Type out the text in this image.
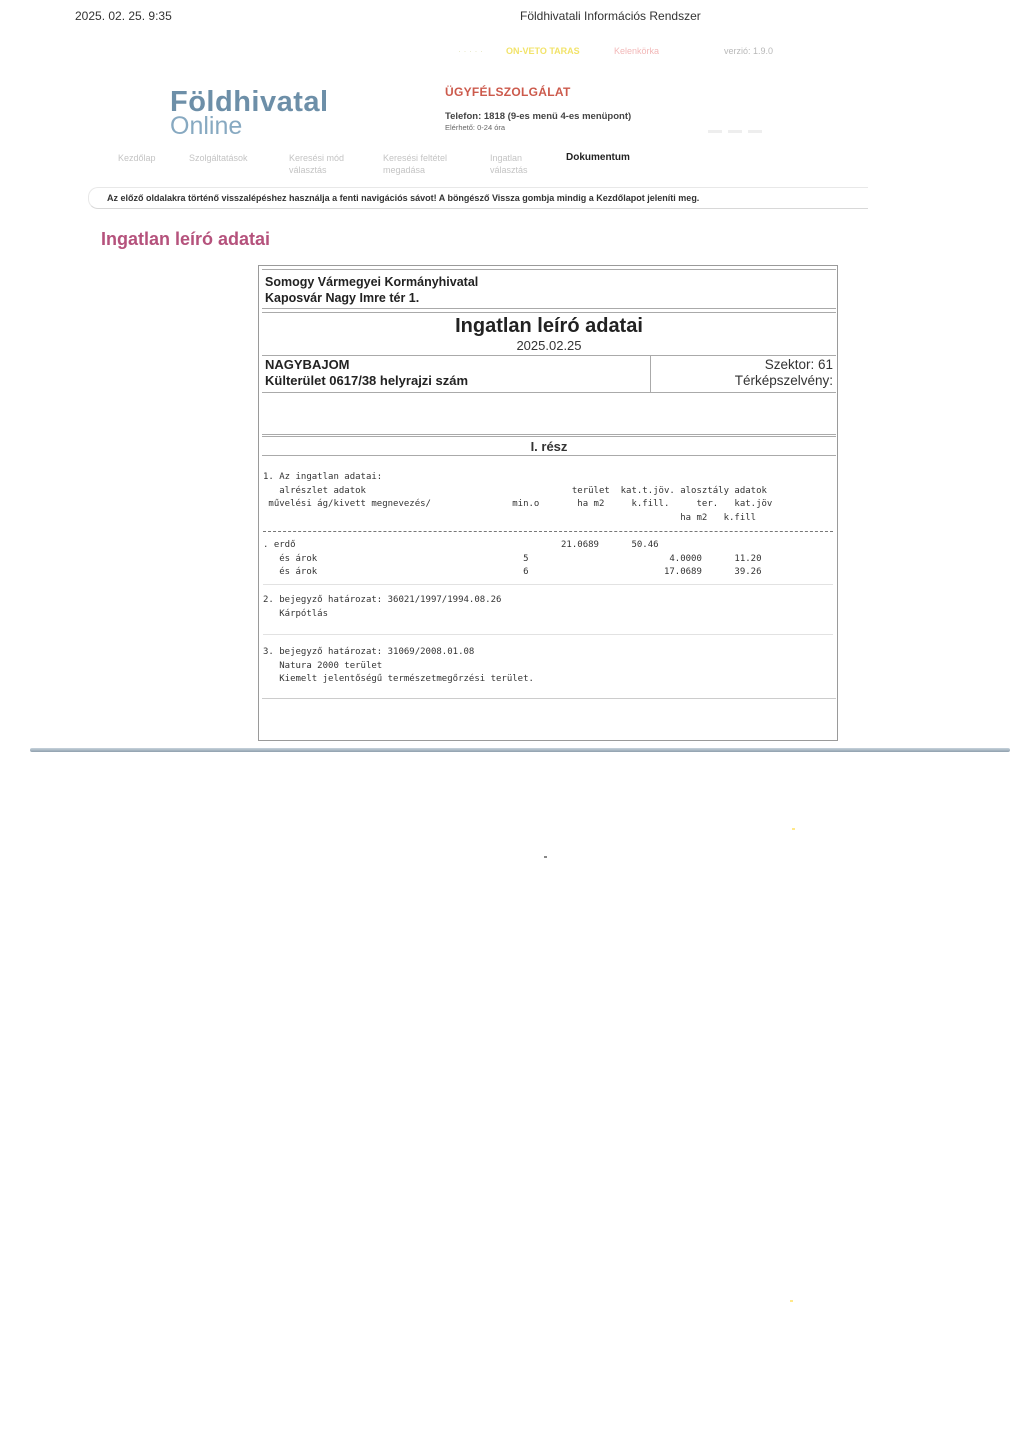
2025. 02. 25. 9:35	Földhivatali Információs Rendszer
· · · · ·	ON-VETO TARAS	Kelenkörka	verzió: 1.9.0
Földhivatal
Online
ÜGYFÉLSZOLGÁLAT
Telefon: 1818 (9-es menü 4-es menüpont)
Elérhető: 0-24 óra
Kezdőlap	Szolgáltatások	Keresési mód
választás
Keresési feltétel
megadása
Ingatlan
választás
Dokumentum
Az előző oldalakra történő visszalépéshez használja a fenti navigációs sávot! A böngésző Vissza gombja mindig a Kezdőlapot jeleníti meg.
Ingatlan leíró adatai
Somogy Vármegyei Kormányhivatal
Kaposvár Nagy Imre tér 1.
Ingatlan leíró adatai
2025.02.25
NAGYBAJOM
Külterület 0617/38 helyrajzi szám
Szektor: 61
Térképszelvény:
I. rész
1. Az ingatlan adatai:
alrészlet adatok                                      terület  kat.t.jöv. alosztály adatok
művelési ág/kivett megnevezés/               min.o       ha m2     k.fill.     ter.   kat.jöv
ha m2   k.fill
. erdő                                                 21.0689      50.46
és árok                                      5                          4.0000      11.20
és árok                                      6                         17.0689      39.26
2. bejegyző határozat: 36021/1997/1994.08.26
Kárpótlás
3. bejegyző határozat: 31069/2008.01.08
Natura 2000 terület
Kiemelt jelentőségű természetmegőrzési terület.
